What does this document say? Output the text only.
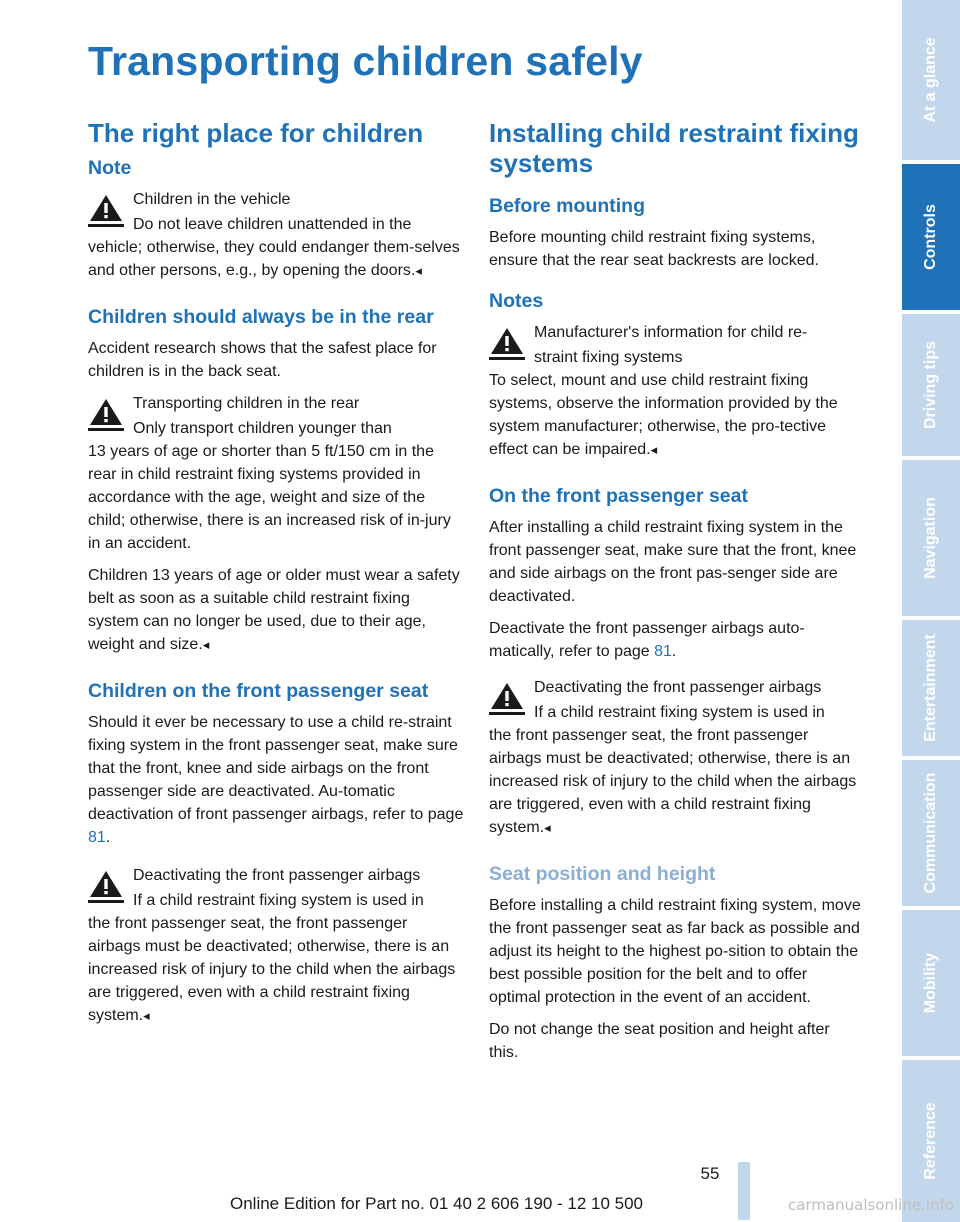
Transporting children safely
The right place for children
Note
Children in the vehicle
Do not leave children unattended in the

vehicle; otherwise, they could endanger them-selves and other persons, e.g., by opening the doors.◂

Children should always be in the rear

Accident research shows that the safest place for children is in the back seat.

Transporting children in the rear
Only transport children younger than

13 years of age or shorter than 5 ft/150 cm in the rear in child restraint fixing systems provided in accordance with the age, weight and size of the child; otherwise, there is an increased risk of in-jury in an accident.

Children 13 years of age or older must wear a safety belt as soon as a suitable child restraint fixing system can no longer be used, due to their age, weight and size.◂

Children on the front passenger seat

Should it ever be necessary to use a child re-straint fixing system in the front passenger seat, make sure that the front, knee and side airbags on the front passenger side are deactivated. Au-tomatic deactivation of front passenger airbags, refer to page 81.

Deactivating the front passenger airbags
If a child restraint fixing system is used in

the front passenger seat, the front passenger airbags must be deactivated; otherwise, there is an increased risk of injury to the child when the airbags are triggered, even with a child restraint fixing system.◂

Installing child restraint fixing systems
Before mounting

Before mounting child restraint fixing systems, ensure that the rear seat backrests are locked.

Notes
Manufacturer's information for child re-
straint fixing systems

To select, mount and use child restraint fixing systems, observe the information provided by the system manufacturer; otherwise, the pro-tective effect can be impaired.◂

On the front passenger seat

After installing a child restraint fixing system in the front passenger seat, make sure that the front, knee and side airbags on the front pas-senger side are deactivated.

Deactivate the front passenger airbags auto-matically, refer to page 81.

Deactivating the front passenger airbags
If a child restraint fixing system is used in

the front passenger seat, the front passenger airbags must be deactivated; otherwise, there is an increased risk of injury to the child when the airbags are triggered, even with a child restraint fixing system.◂

Seat position and height

Before installing a child restraint fixing system, move the front passenger seat as far back as possible and adjust its height to the highest po-sition to obtain the best possible position for the belt and to offer optimal protection in the event of an accident.

Do not change the seat position and height after this.

At a glance
Controls
Driving tips
Navigation
Entertainment
Communication
Mobility
Reference
55
Online Edition for Part no. 01 40 2 606 190 - 12 10 500	carmanualsonline.info
